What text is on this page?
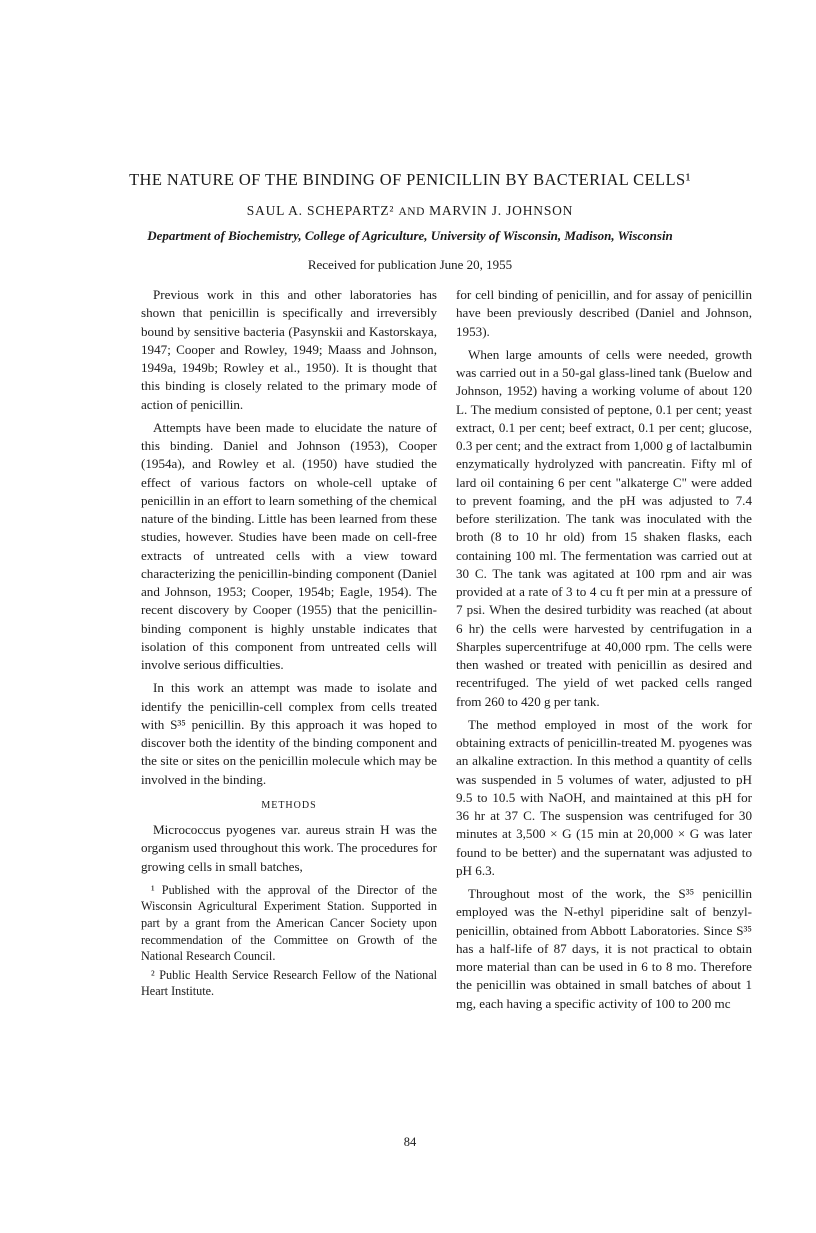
THE NATURE OF THE BINDING OF PENICILLIN BY BACTERIAL CELLS¹
SAUL A. SCHEPARTZ² AND MARVIN J. JOHNSON
Department of Biochemistry, College of Agriculture, University of Wisconsin, Madison, Wisconsin
Received for publication June 20, 1955

Previous work in this and other laboratories has shown that penicillin is specifically and irreversibly bound by sensitive bacteria (Pasynskii and Kastorskaya, 1947; Cooper and Rowley, 1949; Maass and Johnson, 1949a, 1949b; Rowley et al., 1950). It is thought that this binding is closely related to the primary mode of action of penicillin.

Attempts have been made to elucidate the nature of this binding. Daniel and Johnson (1953), Cooper (1954a), and Rowley et al. (1950) have studied the effect of various factors on whole-cell uptake of penicillin in an effort to learn something of the chemical nature of the binding. Little has been learned from these studies, however. Studies have been made on cell-free extracts of untreated cells with a view toward characterizing the penicillin-binding component (Daniel and Johnson, 1953; Cooper, 1954b; Eagle, 1954). The recent discovery by Cooper (1955) that the penicillin-binding component is highly unstable indicates that isolation of this component from untreated cells will involve serious difficulties.

In this work an attempt was made to isolate and identify the penicillin-cell complex from cells treated with S³⁵ penicillin. By this approach it was hoped to discover both the identity of the binding component and the site or sites on the penicillin molecule which may be involved in the binding.

METHODS

Micrococcus pyogenes var. aureus strain H was the organism used throughout this work. The procedures for growing cells in small batches,

¹ Published with the approval of the Director of the Wisconsin Agricultural Experiment Station. Supported in part by a grant from the American Cancer Society upon recommendation of the Committee on Growth of the National Research Council.

² Public Health Service Research Fellow of the National Heart Institute.

for cell binding of penicillin, and for assay of penicillin have been previously described (Daniel and Johnson, 1953).

When large amounts of cells were needed, growth was carried out in a 50-gal glass-lined tank (Buelow and Johnson, 1952) having a working volume of about 120 L. The medium consisted of peptone, 0.1 per cent; yeast extract, 0.1 per cent; beef extract, 0.1 per cent; glucose, 0.3 per cent; and the extract from 1,000 g of lactalbumin enzymatically hydrolyzed with pancreatin. Fifty ml of lard oil containing 6 per cent "alkaterge C" were added to prevent foaming, and the pH was adjusted to 7.4 before sterilization. The tank was inoculated with the broth (8 to 10 hr old) from 15 shaken flasks, each containing 100 ml. The fermentation was carried out at 30 C. The tank was agitated at 100 rpm and air was provided at a rate of 3 to 4 cu ft per min at a pressure of 7 psi. When the desired turbidity was reached (at about 6 hr) the cells were harvested by centrifugation in a Sharples supercentrifuge at 40,000 rpm. The cells were then washed or treated with penicillin as desired and recentrifuged. The yield of wet packed cells ranged from 260 to 420 g per tank.

The method employed in most of the work for obtaining extracts of penicillin-treated M. pyogenes was an alkaline extraction. In this method a quantity of cells was suspended in 5 volumes of water, adjusted to pH 9.5 to 10.5 with NaOH, and maintained at this pH for 36 hr at 37 C. The suspension was centrifuged for 30 minutes at 3,500 × G (15 min at 20,000 × G was later found to be better) and the supernatant was adjusted to pH 6.3.

Throughout most of the work, the S³⁵ penicillin employed was the N-ethyl piperidine salt of benzyl-penicillin, obtained from Abbott Laboratories. Since S³⁵ has a half-life of 87 days, it is not practical to obtain more material than can be used in 6 to 8 mo. Therefore the penicillin was obtained in small batches of about 1 mg, each having a specific activity of 100 to 200 mc

84
